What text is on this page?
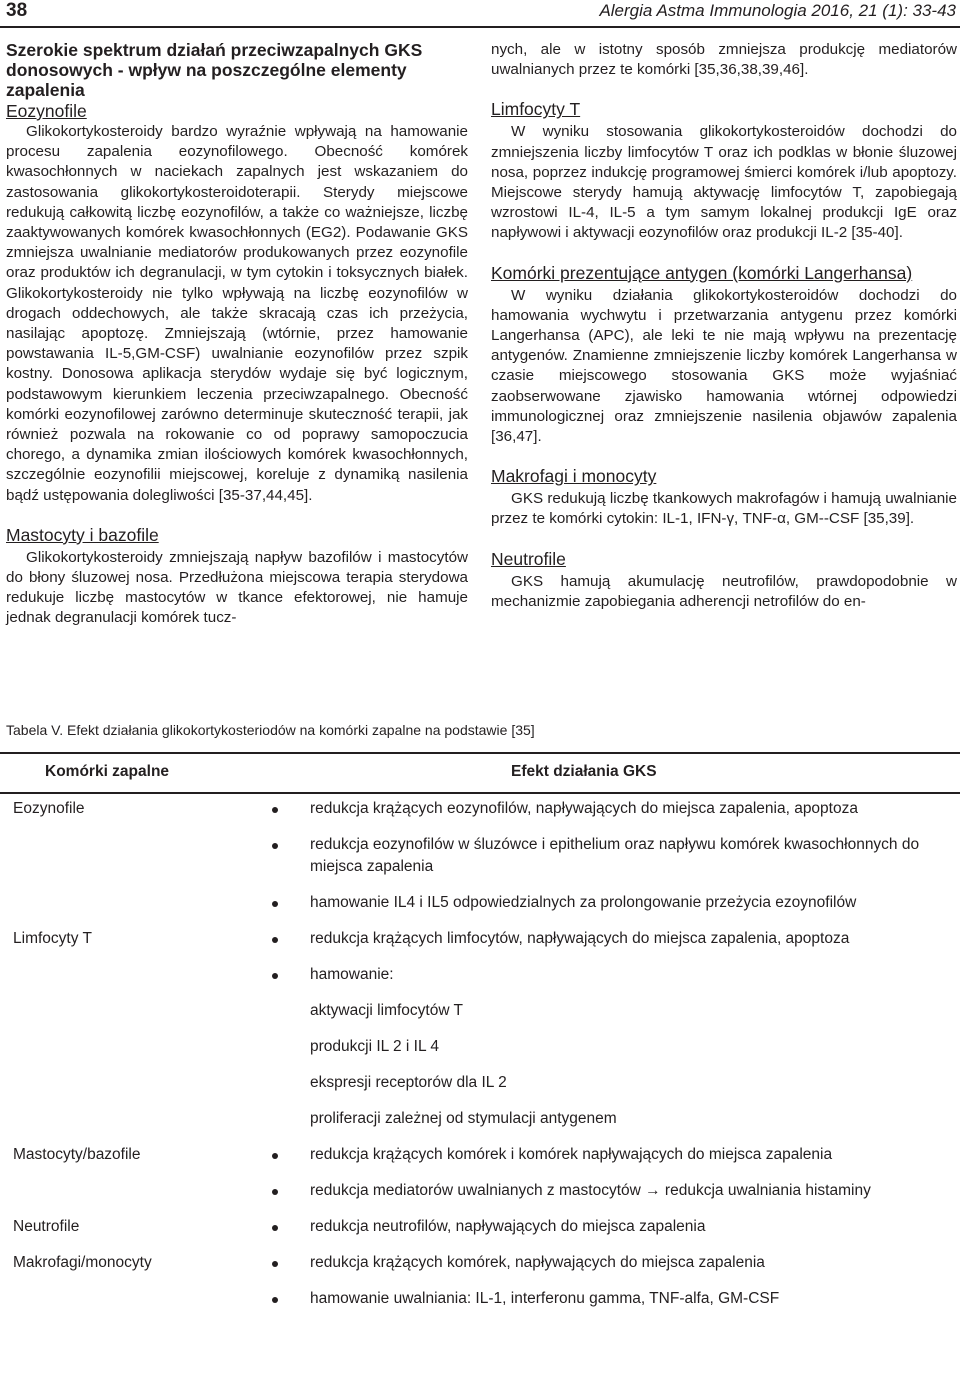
38	Alergia Astma Immunologia 2016, 21 (1): 33-43
Szerokie spektrum działań przeciwzapalnych GKS donosowych - wpływ na poszczególne elementy zapalenia
Eozynofile

Glikokortykosteroidy bardzo wyraźnie wpływają na hamowanie procesu zapalenia eozynofilowego. Obecność komórek kwasochłonnych w naciekach zapalnych jest wskazaniem do zastosowania glikokortykosteroidoterapii. Sterydy miejscowe redukują całkowitą liczbę eozynofilów, a także co ważniejsze, liczbę zaaktywowanych komórek kwasochłonnych (EG2). Podawanie GKS zmniejsza uwalnianie mediatorów produkowanych przez eozynofile oraz produktów ich degranulacji, w tym cytokin i toksycznych białek. Glikokortykosteroidy nie tylko wpływają na liczbę eozynofilów w drogach oddechowych, ale także skracają czas ich przeżycia, nasilając apoptozę. Zmniejszają (wtórnie, przez hamowanie powstawania IL-5,GM-CSF) uwalnianie eozynofilów przez szpik kostny. Donosowa aplikacja sterydów wydaje się być logicznym, podstawowym kierunkiem leczenia przeciwzapalnego. Obecność komórki eozynofilowej zarówno determinuje skuteczność terapii, jak również pozwala na rokowanie co od poprawy samopoczucia chorego, a dynamika zmian ilościowych komórek kwasochłonnych, szczególnie eozynofilii miejscowej, koreluje z dynamiką nasilenia bądź ustępowania dolegliwości [35-37,44,45].

Mastocyty i bazofile

Glikokortykosteroidy zmniejszają napływ bazofilów i mastocytów do błony śluzowej nosa. Przedłużona miejscowa terapia sterydowa redukuje liczbę mastocytów w tkance efektorowej, nie hamuje jednak degranulacji komórek tucz-

nych, ale w istotny sposób zmniejsza produkcję mediatorów uwalnianych przez te komórki [35,36,38,39,46].

Limfocyty T

W wyniku stosowania glikokortykosteroidów dochodzi do zmniejszenia liczby limfocytów T oraz ich podklas w błonie śluzowej nosa, poprzez indukcję programowej śmierci komórek i/lub apoptozy. Miejscowe sterydy hamują aktywację limfocytów T, zapobiegają wzrostowi IL-4, IL-5 a tym samym lokalnej produkcji IgE oraz napływowi i aktywacji eozynofilów oraz produkcji IL-2 [35-40].

Komórki prezentujące antygen (komórki Langerhansa)

W wyniku działania glikokortykosteroidów dochodzi do hamowania wychwytu i przetwarzania antygenu przez komórki Langerhansa (APC), ale leki te nie mają wpływu na prezentację antygenów. Znamienne zmniejszenie liczby komórek Langerhansa w czasie miejscowego stosowania GKS może wyjaśniać zaobserwowane zjawisko hamowania wtórnej odpowiedzi immunologicznej oraz zmniejszenie nasilenia objawów zapalenia [36,47].

Makrofagi i monocyty

GKS redukują liczbę tkankowych makrofagów i hamują uwalnianie przez te komórki cytokin: IL-1, IFN-γ, TNF-α, GM--CSF [35,39].

Neutrofile

GKS hamują akumulację neutrofilów, prawdopodobnie w mechanizmie zapobiegania adherencji netrofilów do en-

Tabela V. Efekt działania glikokortykosteriodów na komórki zapalne na podstawie [35]
Komórki zapalne	Efekt działania GKS
Eozynofile	redukcja krążących eozynofilów, napływających do miejsca zapalenia, apoptoza
redukcja eozynofilów w śluzówce i epithelium oraz napływu komórek kwasochłonnych do miejsca zapalenia
hamowanie IL4 i IL5 odpowiedzialnych za prolongowanie przeżycia ezoynofilów
Limfocyty T	redukcja krążących limfocytów, napływających do miejsca zapalenia, apoptoza
hamowanie:
aktywacji limfocytów T
produkcji IL 2 i IL 4
ekspresji receptorów dla IL 2
proliferacji zależnej od stymulacji antygenem
Mastocyty/bazofile	redukcja krążących komórek i komórek napływających do miejsca zapalenia
redukcja mediatorów uwalnianych z mastocytów → redukcja uwalniania histaminy
Neutrofile	redukcja neutrofilów, napływających do miejsca zapalenia
Makrofagi/monocyty	redukcja krążących komórek, napływających do miejsca zapalenia
hamowanie uwalniania: IL-1, interferonu gamma, TNF-alfa, GM-CSF
